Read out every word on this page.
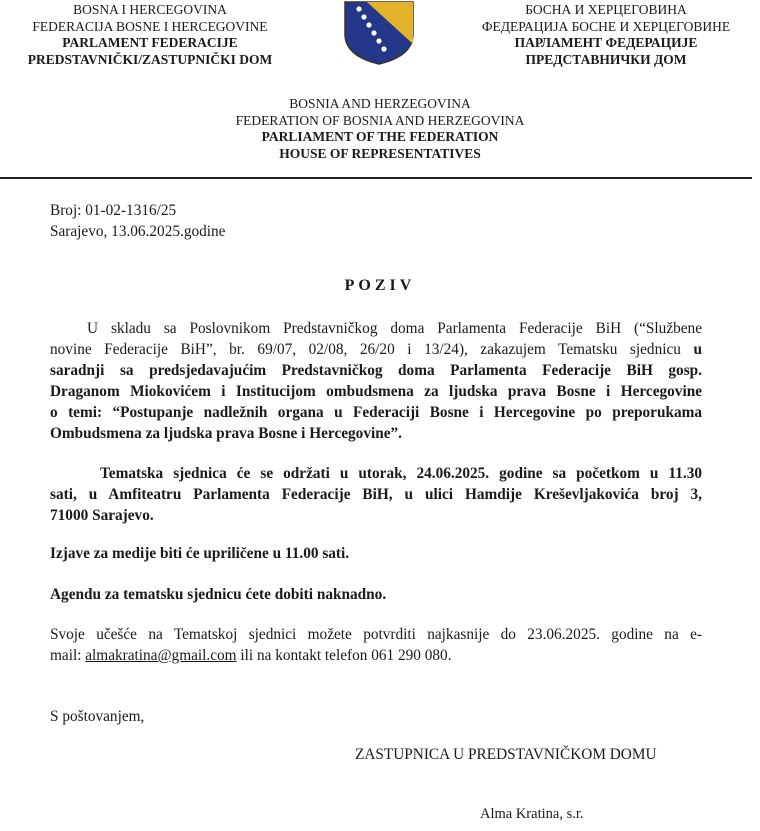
BOSNA I HERCEGOVINA
FEDERACIJA BOSNE I HERCEGOVINE
PARLAMENT FEDERACIJE
PREDSTAVNIČKI/ZASTUPNIČKI DOM
БОСНА И ХЕРЦЕГОВИНА
ФЕДЕРАЦИЈА БОСНЕ И ХЕРЦЕГОВИНЕ
ПАРЛАМЕНТ ФЕДЕРАЦИЈЕ
ПРЕДСТАВНИЧКИ ДОМ
BOSNIA AND HERZEGOVINA
FEDERATION OF BOSNIA AND HERZEGOVINA
PARLIAMENT OF THE FEDERATION
HOUSE OF REPRESENTATIVES
Broj: 01-02-1316/25
Sarajevo, 13.06.2025.godine
POZIV
U skladu sa Poslovnikom Predstavničkog doma Parlamenta Federacije BiH (“Službene
novine Federacije BiH”, br. 69/07, 02/08, 26/20 i 13/24), zakazujem Tematsku sjednicu u
saradnji sa predsjedavajućim Predstavničkog doma Parlamenta Federacije BiH gosp.
Draganom Miokovićem i Institucijom ombudsmena za ljudska prava Bosne i Hercegovine
o temi: “Postupanje nadležnih organa u Federaciji Bosne i Hercegovine po preporukama
Ombudsmena za ljudska prava Bosne i Hercegovine”.
Tematska sjednica će se održati u utorak, 24.06.2025. godine sa početkom u 11.30
sati, u Amfiteatru Parlamenta Federacije BiH, u ulici Hamdije Kreševljakovića broj 3,
71000 Sarajevo.
Izjave za medije biti će upriličene u 11.00 sati.
Agendu za tematsku sjednicu ćete dobiti naknadno.
Svoje učešće na Tematskoj sjednici možete potvrditi najkasnije do 23.06.2025. godine na e-
mail: almakratina@gmail.com ili na kontakt telefon 061 290 080.
S poštovanjem,
ZASTUPNICA U PREDSTAVNIČKOM DOMU
Alma Kratina, s.r.
